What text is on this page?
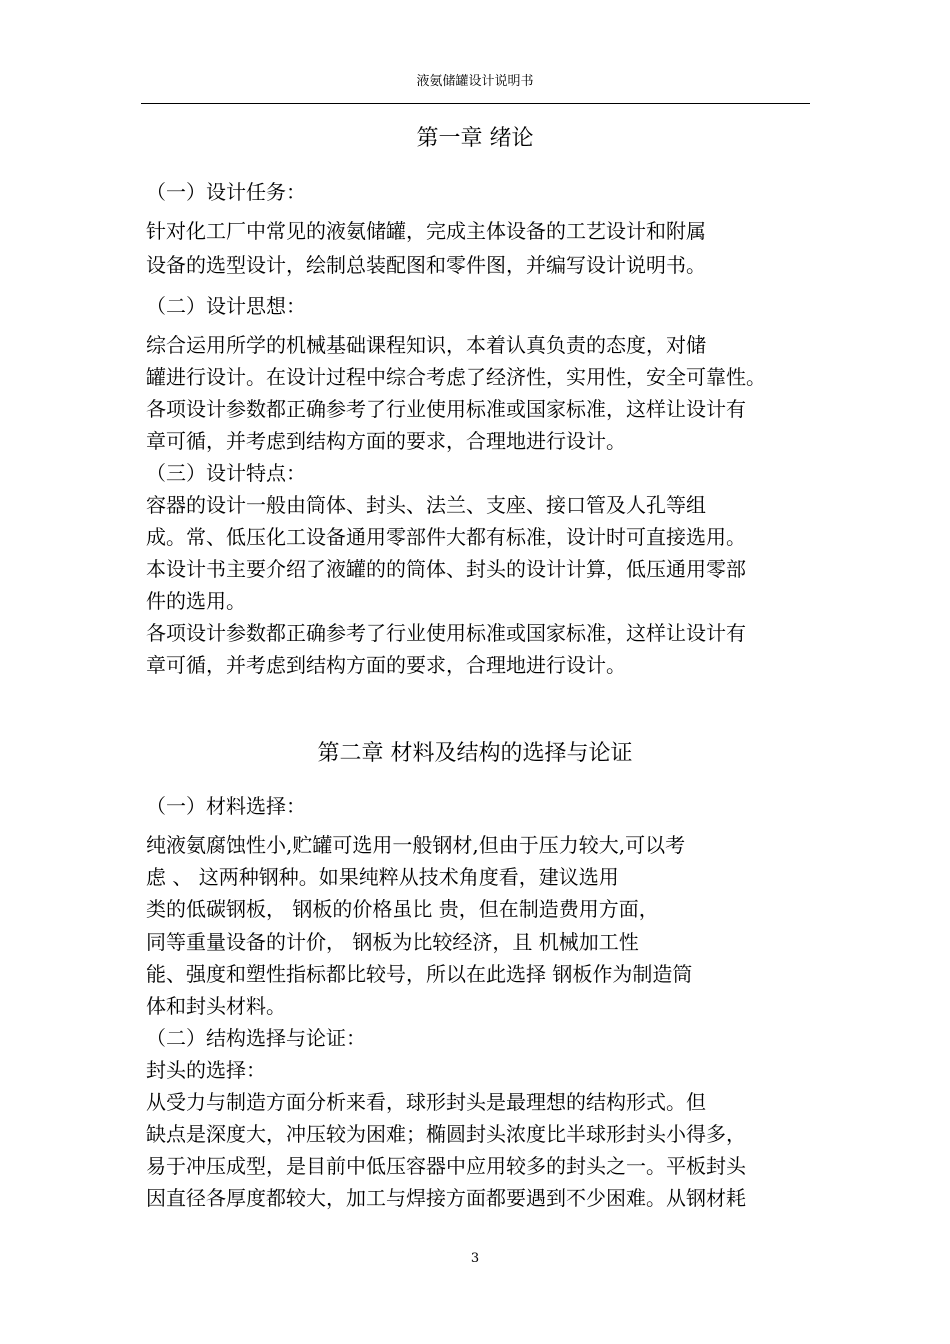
液氨储罐设计说明书
第一章 绪论

（一）设计任务：

针对化工厂中常见的液氨储罐，完成主体设备的工艺设计和附属

设备的选型设计，绘制总装配图和零件图，并编写设计说明书。

（二）设计思想：

综合运用所学的机械基础课程知识，本着认真负责的态度，对储

罐进行设计。在设计过程中综合考虑了经济性，实用性，安全可靠性。

各项设计参数都正确参考了行业使用标准或国家标准，这样让设计有

章可循，并考虑到结构方面的要求，合理地进行设计。

（三）设计特点：

容器的设计一般由筒体、封头、法兰、支座、接口管及人孔等组

成。常、低压化工设备通用零部件大都有标准，设计时可直接选用。

本设计书主要介绍了液罐的的筒体、封头的设计计算，低压通用零部

件的选用。

各项设计参数都正确参考了行业使用标准或国家标准，这样让设计有

章可循，并考虑到结构方面的要求，合理地进行设计。

第二章 材料及结构的选择与论证

（一）材料选择：

纯液氨腐蚀性小,贮罐可选用一般钢材,但由于压力较大,可以考

虑 、 这两种钢种。如果纯粹从技术角度看，建议选用

类的低碳钢板， 钢板的价格虽比 贵，但在制造费用方面，

同等重量设备的计价， 钢板为比较经济，且 机械加工性

能、强度和塑性指标都比较号，所以在此选择 钢板作为制造筒

体和封头材料。

（二）结构选择与论证：

封头的选择：

从受力与制造方面分析来看，球形封头是最理想的结构形式。但

缺点是深度大，冲压较为困难；椭圆封头浓度比半球形封头小得多，

易于冲压成型，是目前中低压容器中应用较多的封头之一。平板封头

因直径各厚度都较大，加工与焊接方面都要遇到不少困难。从钢材耗

3
